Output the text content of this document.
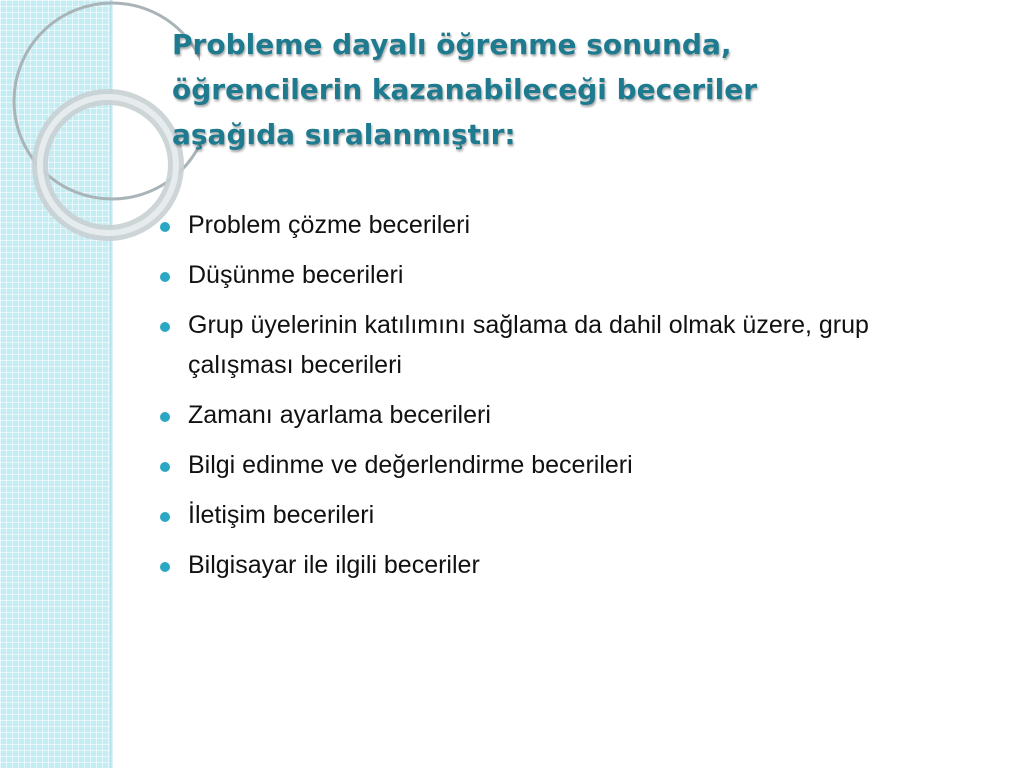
Probleme dayalı öğrenme sonunda,
öğrencilerin kazanabileceği beceriler
aşağıda sıralanmıştır:
Problem çözme becerileri
Düşünme becerileri
Grup üyelerinin katılımını sağlama da dahil olmak üzere, grup çalışması becerileri
Zamanı ayarlama becerileri
Bilgi edinme ve değerlendirme becerileri
İletişim becerileri
Bilgisayar ile ilgili beceriler
